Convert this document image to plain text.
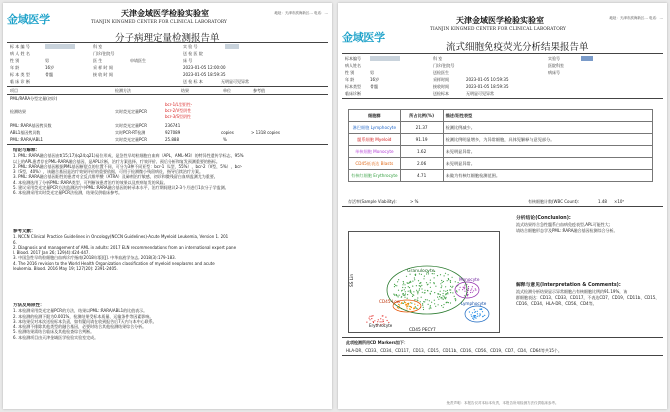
金域医学	天津金域医学检验实验室
TIANJIN KINGMED CENTER FOR CLINICAL LABORATORY
地址：天津市滨海新区… 电话：…
分子病理定量检测报告单
标 本 编 号
病 人 姓 名
性 别	男
年 龄	16岁
标 本 类 型	骨髓
临 床 诊 断
科 室
门诊/住院号
医 生	申请医生
采 样 时 间
接 收 时 间
实 验 号
送 检 医 院
床 号
2023-01-05 12:00:00
2023-01-05 18:59:35
送 检 标 本	无明显可见异常
项目	检测方法	结果	单位	参考值
PML/RARA分型定量(初诊)
检测结果	实时荧光定量PCR
bcr-1/L型阴性-
bcr-2/V型阴性
bcr-3/S型阴性
PML::RARA基因拷贝数	实时荧光定量PCR	236741
ABL1基因拷贝数	实时PCR-RT检测	927089	copies	> 1318 copies
PML::RARA/ABL1	实时荧光定量PCR	25.888	%
结论与解释：
1. PML::RARA融合基因由t(15;17)(q24;q21)易位形成，是急性早幼粒细胞白血病（APL，AML-M3）的特异性遗传学标志，95%
以上的APL患者存在PML-RARA融合基因，是APL诊断、治疗方案选择、疗效评价、预后分析和复发预测重要的指标。
2. PML::RARA融合基因根据PML基因断裂点的位置不同，可分为3种不同亚型：bcr-1（L型，55%），bcr-2（V型，5%），bcr-
3（S型，40%），该融合基因是治疗效果评价的重要依据，可用于检测微小残留病灶，指导后续治疗方案。
3. PML::RARA融合基因阳性的患者对全反式维甲酸（ATRA）及砷剂治疗敏感，初诊和微残留白血病监测尤为重要。
4. 本检测选用了分析PML::RARA类型，可判断该患者治疗的效果以及疾病复发的风险。
5. 建议采用荧光定量PCR方法监测治疗中PML::RARA融合基因的转录本水平，治疗期间建议2-3个月进行1次分子学监测。
6. 本检测采用实时荧光定量PCR法检测，结果仅供临床参考。
参考文献：
1. NCCN Clinical Practice Guidelines in Oncology(NCCN Guidelines)-Acute Myeloid Leukemia, Version 1. 201
6.
2. Diagnosis and management of AML in adults: 2017 ELN recommendations from an international expert pane
l. Blood. 2017 Jan 26; 129(4):424-447.
3. 中国急性早幼粒细胞白血病诊疗指南(2018年版)[J]. 中华血液学杂志, 2018(3):179-183.
4. The 2016 revision to the World Health Organization classification of myeloid neoplasms and acute
leukemia. Blood. 2016 May 19; 127(20): 2391-2405.
方法及局限性：
1. 本检测采用荧光定量PCR的方法，结果以PML::RARA/ABL1的比值表示。
2. 本检测的检测下限为0.001%，检测结果受标本质量、运输条件等因素影响。
3. 本结果仅对本次送检标本负责，如有疑问请在收到报告后7天内与本中心联系。
4. 本检测不排除其他类型的融合基因，必要时结合其他检测结果综合分析。
5. 检测结果需结合临床及其他检查综合判断。
6. 本检测项目由天津金域医学检验实验室完成。
金域医学
天津金域医学检验实验室
TIANJIN KINGMED CENTER FOR CLINICAL LABORATORY
地址：天津市滨海新区… 电话：…
流式细胞免疫荧光分析结果报告单
标本编号
病人姓名
性 别	男
年 龄	16岁
标本类型 骨髓
临床诊断
科 室
门诊/住院号
送检医生
采样时间	2023-01-05 10:59:35
接收时间	2023-01-05 18:59:35
送检标本	无明显可见异常
实验号
医院科室
病床号
细胞群	所占比例(%)	描述/阳性表型
淋巴细胞 Lymphocyte	21.37	检测比例减少。
髓系细胞 Myeloid	91.19	检测比例明显增多，为异常细胞，具体见解释与意见部分。
单核细胞 Monocyte	1.62	未见明显异常。
CD45低表达 Blasts	2.06	未见明显异常。
有核红细胞 Erythrocyte	4.71	未做为有核红细胞检测范围。
存活率(Sample Viability):	> %	有核细胞计数(WBC Count):	1.48 ×10⁹
Granulocyte
Monocyte
Lymphocyte
CD45-Low
Erythrocyte
CD45 PECY7
SS Lin
分析结论(Conclusion):
流式结果符合急性髓系白血病免疫表型,APL可能性大;
请结合细胞形态学及PML::RARA融合基因检测综合分析。
解释与意见(Interpretation & Comments):
流式检测分析结果显示异常细胞占有核细胞比例约91.19%，该
群细胞表达：CD13、CD33、CD117，不表达CD7、CD19、CD11b、CD15、
CD16、CD34、HLA-DR、CD56、CD4等。
此项检测所用CD Markers如下：
HLA-DR、CD33、CD34、CD117、CD13、CD15、CD11b、CD16、CD56、CD19、CD7、CD4、CD64等共15个。
免责声明：本报告仅对本标本负责，本报告所用检测方法仅供临床参考。
